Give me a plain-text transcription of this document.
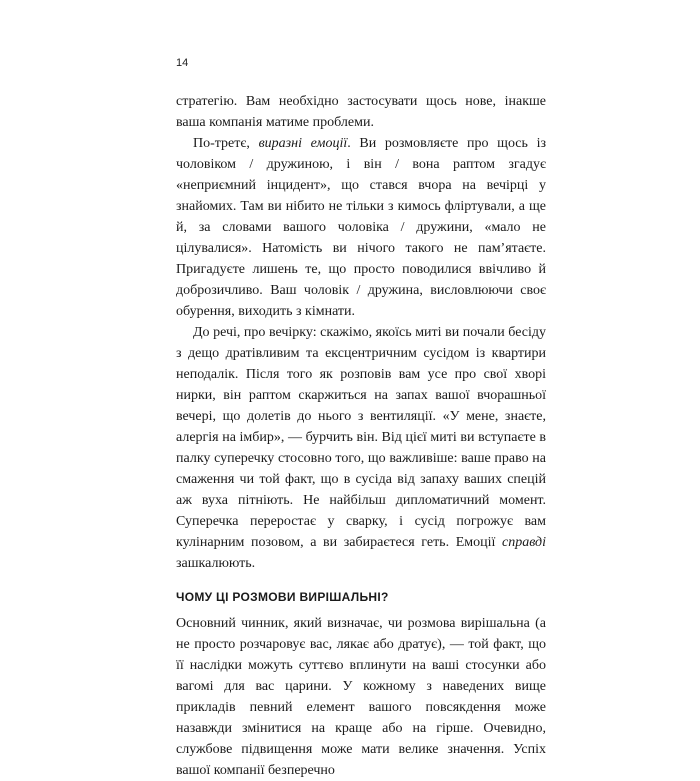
14

стратегію. Вам необхідно застосувати щось нове, інакше ваша компанія матиме проблеми.

По-третє, виразні емоції. Ви розмовляєте про щось із чоловіком / дружиною, і він / вона раптом згадує «неприємний інцидент», що стався вчора на вечірці у знайомих. Там ви нібито не тільки з кимось фліртували, а ще й, за словами вашого чоловіка / дружини, «мало не цілувалися». Натомість ви нічого такого не пам’ятаєте. Пригадуєте лишень те, що просто поводилися ввічливо й доброзичливо. Ваш чоловік / дружина, висловлюючи своє обурення, виходить з кімнати.

До речі, про вечірку: скажімо, якоїсь миті ви почали бесіду з дещо дратівливим та ексцентричним сусідом із квартири неподалік. Після того як розповів вам усе про свої хворі нирки, він раптом скаржиться на запах вашої вчорашньої вечері, що долетів до нього з вентиляції. «У мене, знаєте, алергія на імбир», — бурчить він. Від цієї миті ви вступаєте в палку суперечку стосовно того, що важливіше: ваше право на смаження чи той факт, що в сусіда від запаху ваших спецій аж вуха пітніють. Не найбільш дипломатичний момент. Суперечка переростає у сварку, і сусід погрожує вам кулінарним позовом, а ви забираєтеся геть. Емоції справді зашкалюють.

ЧОМУ ЦІ РОЗМОВИ ВИРІШАЛЬНІ?

Основний чинник, який визначає, чи розмова вирішальна (а не просто розчаровує вас, лякає або дратує), — той факт, що її наслідки можуть суттєво вплинути на ваші стосунки або вагомі для вас царини. У кожному з наведених вище прикладів певний елемент вашого повсякдення може назавжди змінитися на краще або на гірше. Очевидно, службове підвищення може мати велике значення. Успіх вашої компанії безперечно
